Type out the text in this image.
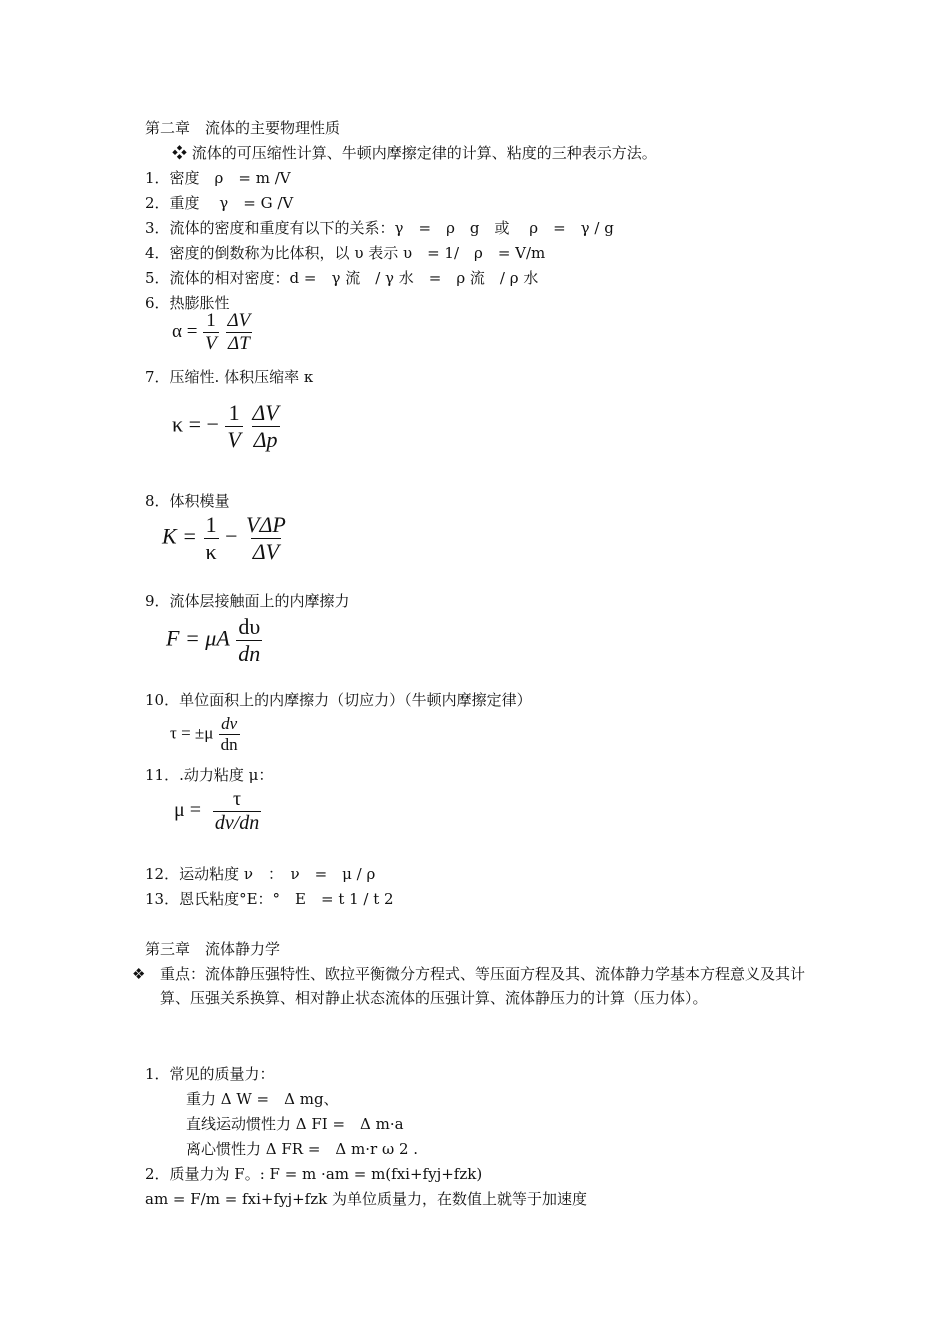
第二章　流体的主要物理性质
❖ 流体的可压缩性计算、牛顿内摩擦定律的计算、粘度的三种表示方法。
1．密度　ρ　= m /V
2．重度　 γ　= G /V
3．流体的密度和重度有以下的关系：γ　=　ρ　g　或　 ρ　=　γ / g
4．密度的倒数称为比体积，以 υ 表示 υ　= 1/　ρ　= V/m
5．流体的相对密度：d =　γ 流　/ γ 水　=　ρ 流　/ ρ 水
6．热膨胀性
$\alpha = \frac{1}{V}$
$\frac{\Delta V}{\Delta T}$
7．压缩性. 体积压缩率 κ
κ = − $\frac{1}{V}$
$\frac{\Delta V}{\Delta p}$
8．体积模量
$K = \frac{1}{\kappa} - \frac{\text{VΔP}}{\Delta V}$
9．流体层接触面上的内摩擦力
F = μA $\frac{d\upsilon}{dn}$
10．单位面积上的内摩擦力（切应力）（牛顿内摩擦定律）
$\tau = \pm\mu \frac{dv}{dn}$
11．.动力粘度 μ：
$\mu = \frac{\tau}{dv/dn}$
12．运动粘度 ν　：　ν　=　μ / ρ
13．恩氏粘度°E：°　E　= t 1 / t 2
第三章　流体静力学
❖ 重点：流体静压强特性、欧拉平衡微分方程式、等压面方程及其、流体静力学基本方程意义及其计算、压强关系换算、相对静止状态流体的压强计算、流体静压力的计算（压力体）。
1．常见的质量力：
重力 Δ W =　Δ mg、
直线运动惯性力 Δ FI =　Δ m·a
离心惯性力 Δ FR =　Δ m·r ω 2 .
2．质量力为 F。: F = m ·am = m(fxi+fyj+fzk)
am = F/m = fxi+fyj+fzk 为单位质量力，在数值上就等于加速度
